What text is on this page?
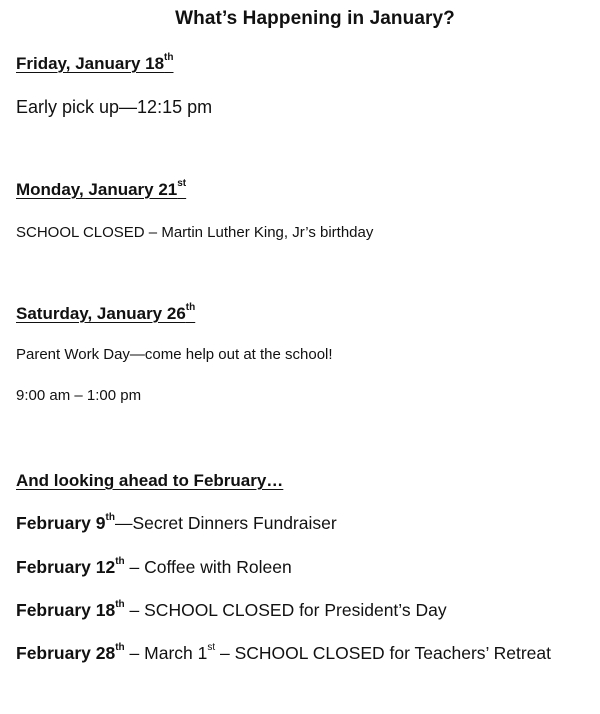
What’s Happening in January?
Friday, January 18th
Early pick up—12:15 pm
Monday, January 21st
SCHOOL CLOSED – Martin Luther King, Jr’s birthday
Saturday, January 26th
Parent Work Day—come help out at the school!
9:00 am – 1:00 pm
And looking ahead to February…
February 9th—Secret Dinners Fundraiser
February 12th – Coffee with Roleen
February 18th – SCHOOL CLOSED for President’s Day
February 28th – March 1st – SCHOOL CLOSED for Teachers’ Retreat
